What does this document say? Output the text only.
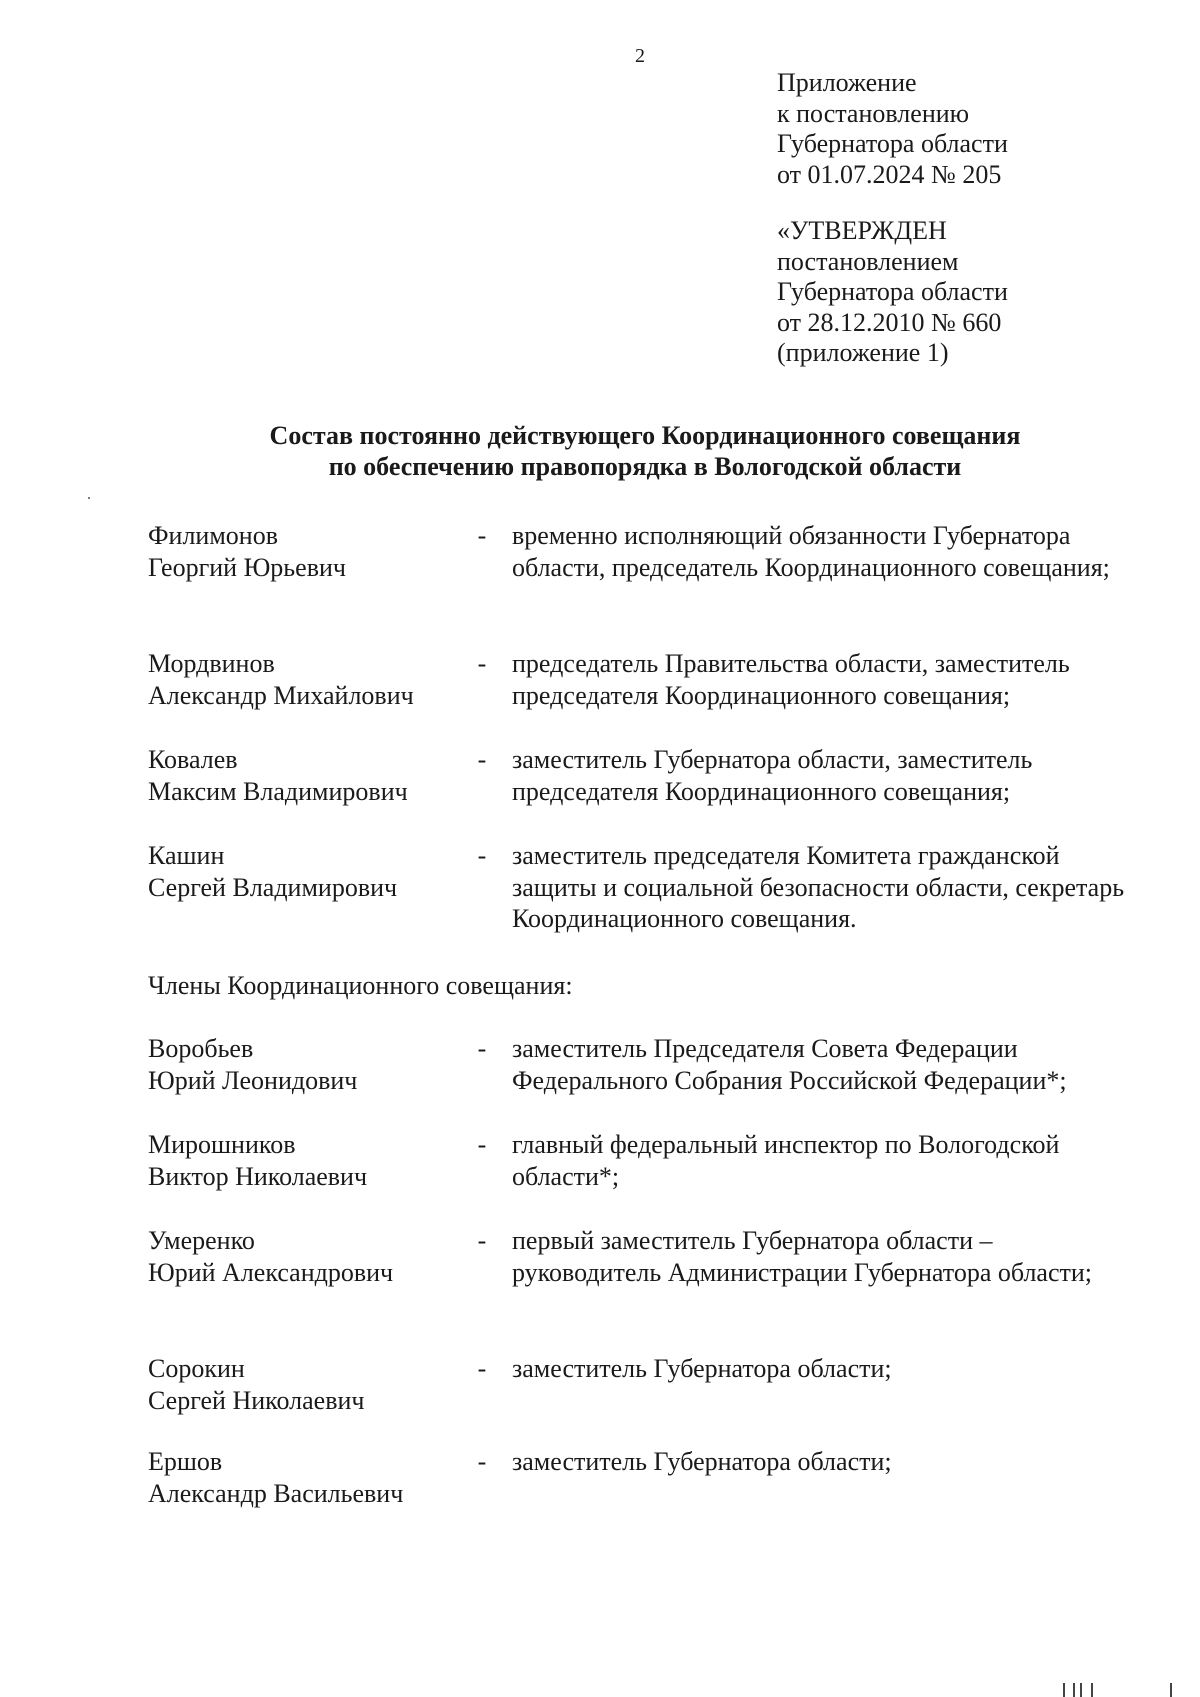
2
Приложение
к постановлению
Губернатора области
от 01.07.2024 № 205
«УТВЕРЖДЕН
постановлением
Губернатора области
от 28.12.2010 № 660
(приложение 1)
Состав постоянно действующего Координационного совещания
по обеспечению правопорядка в Вологодской области
Филимонов
Георгий Юрьевич
- временно исполняющий обязанности Губернатора области, председатель Координационного совещания;
Мордвинов
Александр Михайлович
- председатель Правительства области, заместитель председателя Координационного совещания;
Ковалев
Максим Владимирович
- заместитель Губернатора области, заместитель председателя Координационного совещания;
Кашин
Сергей Владимирович
- заместитель председателя Комитета гражданской защиты и социальной безопасности области, секретарь Координационного совещания.
Члены Координационного совещания:
Воробьев
Юрий Леонидович
- заместитель Председателя Совета Федерации Федерального Собрания Российской Федерации*;
Мирошников
Виктор Николаевич
- главный федеральный инспектор по Вологодской области*;
Умеренко
Юрий Александрович
- первый заместитель Губернатора области – руководитель Администрации Губернатора области;
Сорокин
Сергей Николаевич
- заместитель Губернатора области;
Ершов
Александр Васильевич
- заместитель Губернатора области;
